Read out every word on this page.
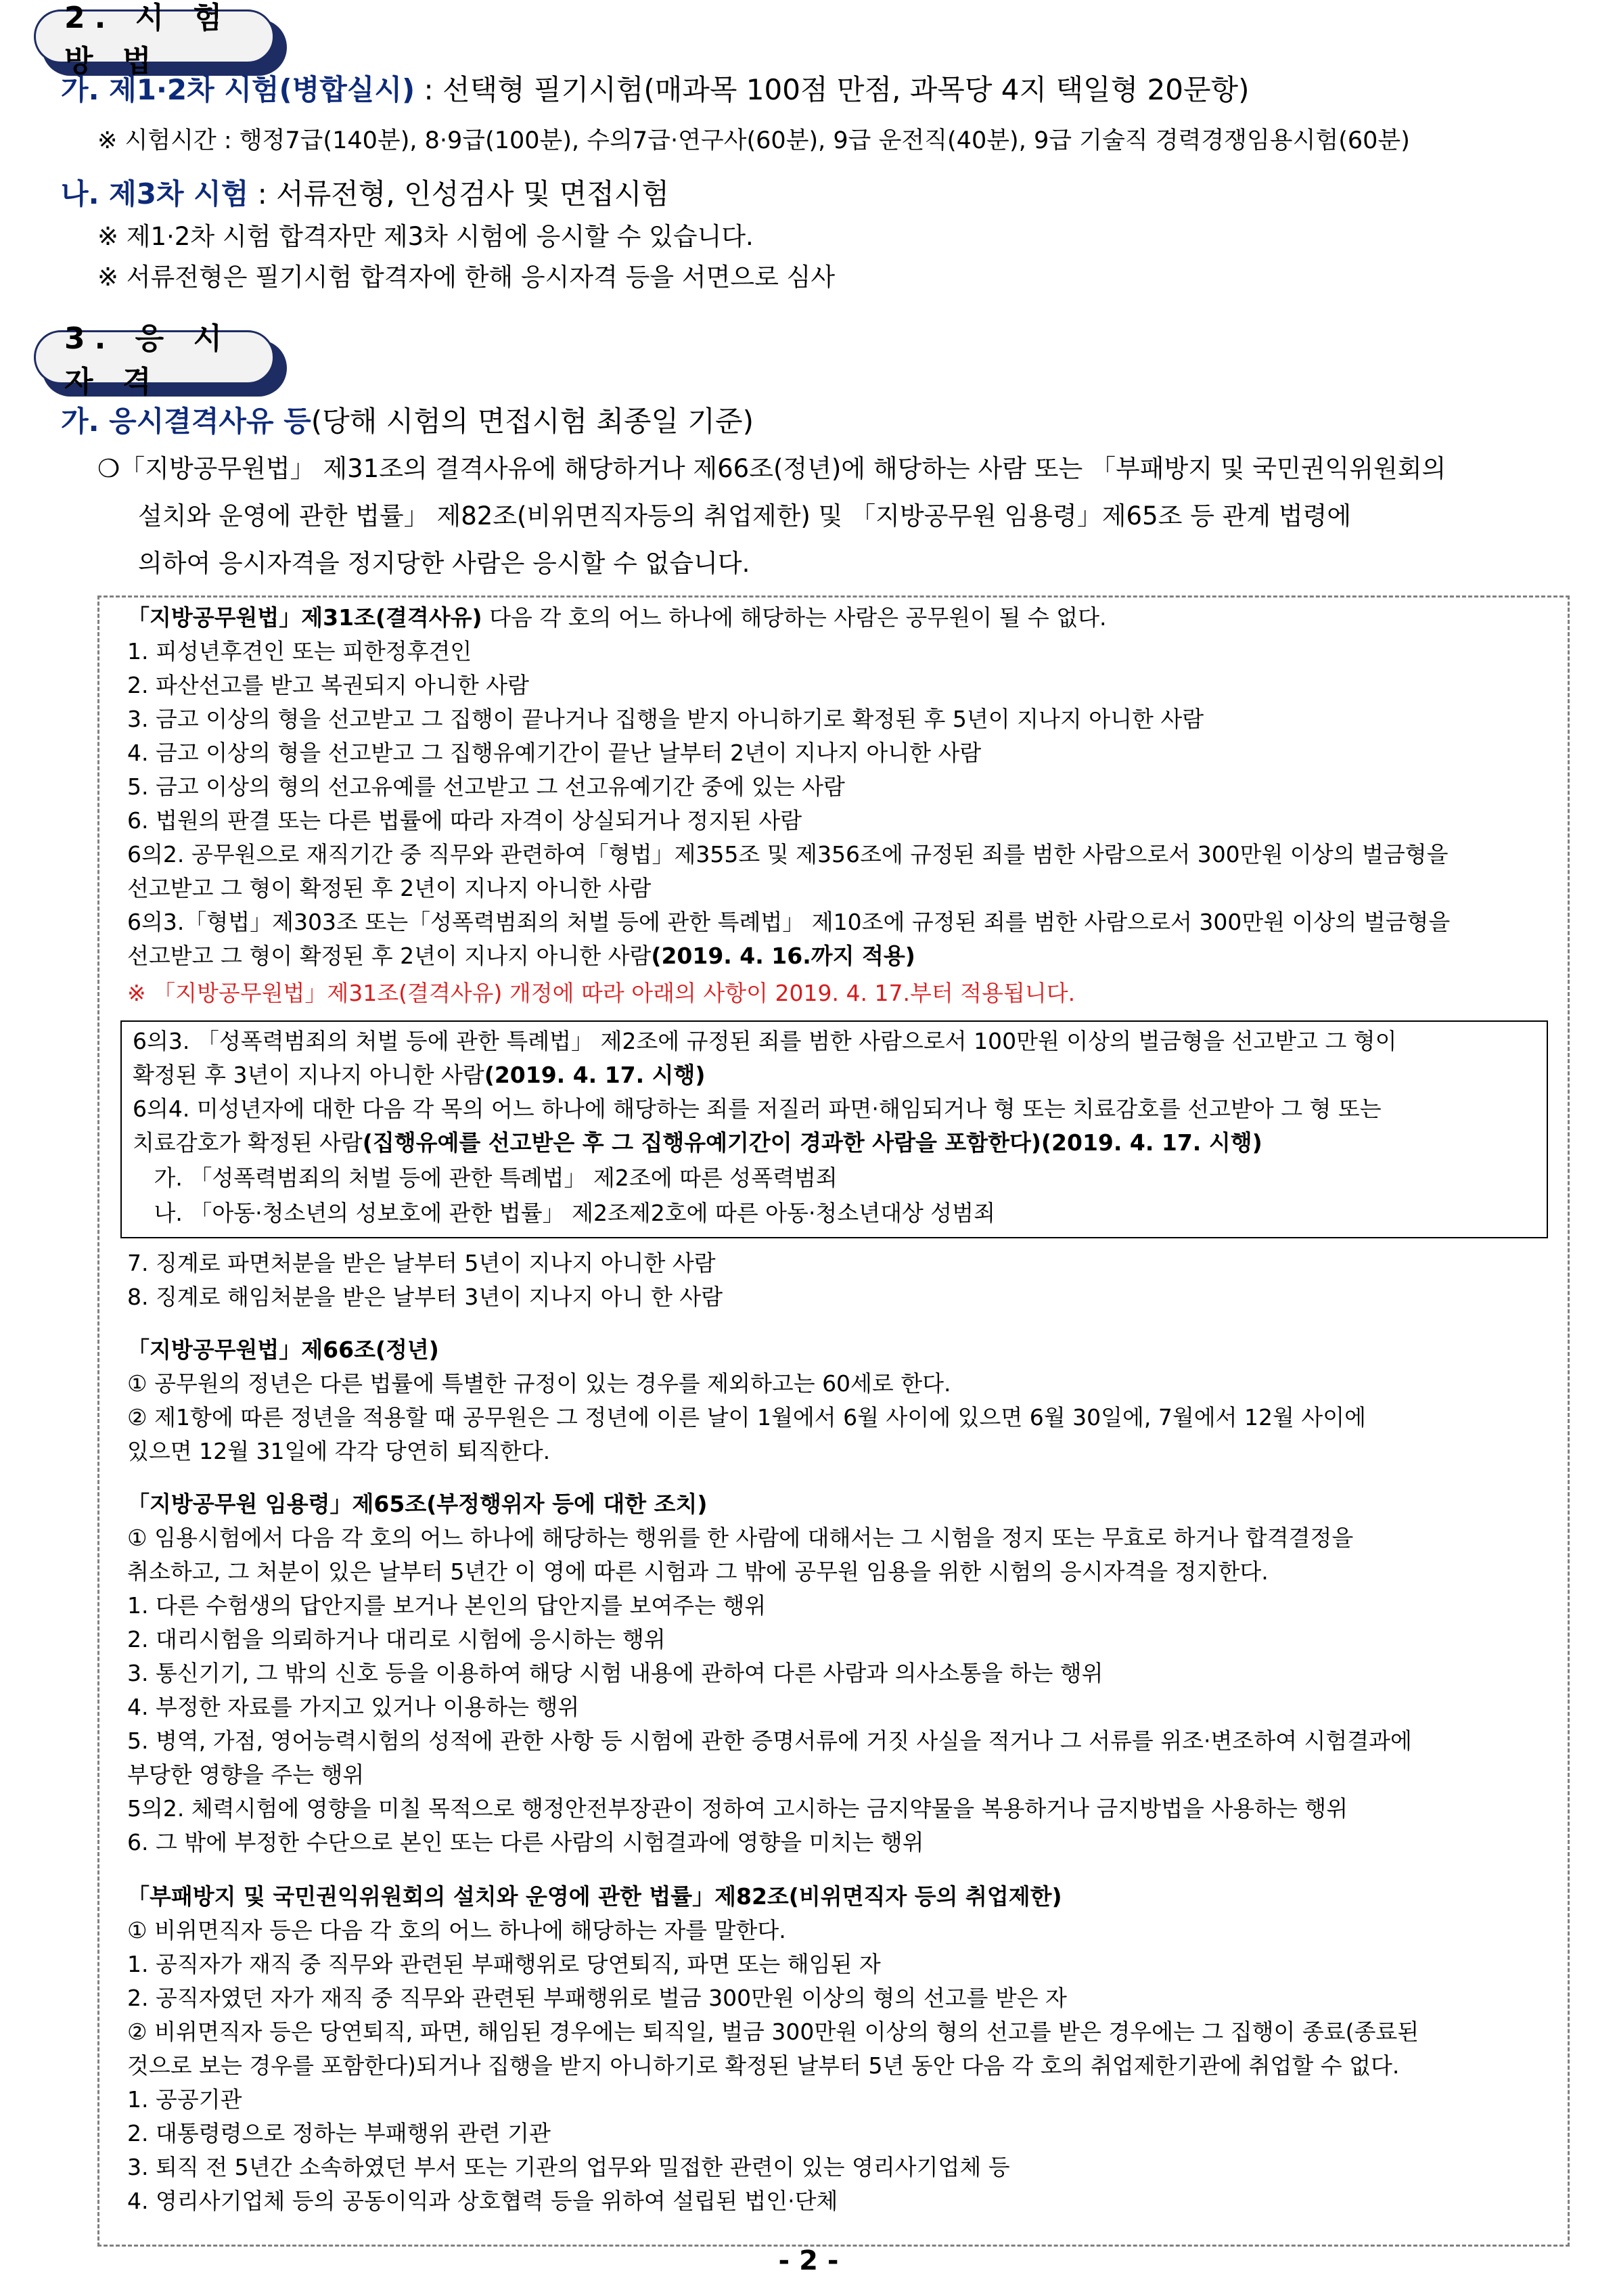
2. 시 험 방 법
가. 제1·2차 시험(병합실시) : 선택형 필기시험(매과목 100점 만점, 과목당 4지 택일형 20문항)
※ 시험시간 : 행정7급(140분), 8·9급(100분), 수의7급·연구사(60분), 9급 운전직(40분), 9급 기술직 경력경쟁임용시험(60분)
나. 제3차 시험 : 서류전형, 인성검사 및 면접시험
※ 제1·2차 시험 합격자만 제3차 시험에 응시할 수 있습니다.
※ 서류전형은 필기시험 합격자에 한해 응시자격 등을 서면으로 심사
3. 응 시 자 격
가. 응시결격사유 등(당해 시험의 면접시험 최종일 기준)
❍「지방공무원법」 제31조의 결격사유에 해당하거나 제66조(정년)에 해당하는 사람 또는 「부패방지 및 국민권익위원회의
설치와 운영에 관한 법률」 제82조(비위면직자등의 취업제한) 및 「지방공무원 임용령」제65조 등 관계 법령에
의하여 응시자격을 정지당한 사람은 응시할 수 없습니다.
「지방공무원법」제31조(결격사유) 다음 각 호의 어느 하나에 해당하는 사람은 공무원이 될 수 없다.
1. 피성년후견인 또는 피한정후견인
2. 파산선고를 받고 복권되지 아니한 사람
3. 금고 이상의 형을 선고받고 그 집행이 끝나거나 집행을 받지 아니하기로 확정된 후 5년이 지나지 아니한 사람
4. 금고 이상의 형을 선고받고 그 집행유예기간이 끝난 날부터 2년이 지나지 아니한 사람
5. 금고 이상의 형의 선고유예를 선고받고 그 선고유예기간 중에 있는 사람
6. 법원의 판결 또는 다른 법률에 따라 자격이 상실되거나 정지된 사람
6의2. 공무원으로 재직기간 중 직무와 관련하여「형법」제355조 및 제356조에 규정된 죄를 범한 사람으로서 300만원 이상의 벌금형을
선고받고 그 형이 확정된 후 2년이 지나지 아니한 사람
6의3.「형법」제303조 또는「성폭력범죄의 처벌 등에 관한 특례법」 제10조에 규정된 죄를 범한 사람으로서 300만원 이상의 벌금형을
선고받고 그 형이 확정된 후 2년이 지나지 아니한 사람(2019. 4. 16.까지 적용)
※ 「지방공무원법」제31조(결격사유) 개정에 따라 아래의 사항이 2019. 4. 17.부터 적용됩니다.
6의3. 「성폭력범죄의 처벌 등에 관한 특례법」 제2조에 규정된 죄를 범한 사람으로서 100만원 이상의 벌금형을 선고받고 그 형이
확정된 후 3년이 지나지 아니한 사람(2019. 4. 17. 시행)
6의4. 미성년자에 대한 다음 각 목의 어느 하나에 해당하는 죄를 저질러 파면·해임되거나 형 또는 치료감호를 선고받아 그 형 또는
치료감호가 확정된 사람(집행유예를 선고받은 후 그 집행유예기간이 경과한 사람을 포함한다)(2019. 4. 17. 시행)
가. 「성폭력범죄의 처벌 등에 관한 특례법」 제2조에 따른 성폭력범죄
나. 「아동·청소년의 성보호에 관한 법률」 제2조제2호에 따른 아동·청소년대상 성범죄
7. 징계로 파면처분을 받은 날부터 5년이 지나지 아니한 사람
8. 징계로 해임처분을 받은 날부터 3년이 지나지 아니 한 사람
「지방공무원법」제66조(정년)
① 공무원의 정년은 다른 법률에 특별한 규정이 있는 경우를 제외하고는 60세로 한다.
② 제1항에 따른 정년을 적용할 때 공무원은 그 정년에 이른 날이 1월에서 6월 사이에 있으면 6월 30일에, 7월에서 12월 사이에
있으면 12월 31일에 각각 당연히 퇴직한다.
「지방공무원 임용령」제65조(부정행위자 등에 대한 조치)
① 임용시험에서 다음 각 호의 어느 하나에 해당하는 행위를 한 사람에 대해서는 그 시험을 정지 또는 무효로 하거나 합격결정을
취소하고, 그 처분이 있은 날부터 5년간 이 영에 따른 시험과 그 밖에 공무원 임용을 위한 시험의 응시자격을 정지한다.
1. 다른 수험생의 답안지를 보거나 본인의 답안지를 보여주는 행위
2. 대리시험을 의뢰하거나 대리로 시험에 응시하는 행위
3. 통신기기, 그 밖의 신호 등을 이용하여 해당 시험 내용에 관하여 다른 사람과 의사소통을 하는 행위
4. 부정한 자료를 가지고 있거나 이용하는 행위
5. 병역, 가점, 영어능력시험의 성적에 관한 사항 등 시험에 관한 증명서류에 거짓 사실을 적거나 그 서류를 위조·변조하여 시험결과에
부당한 영향을 주는 행위
5의2. 체력시험에 영향을 미칠 목적으로 행정안전부장관이 정하여 고시하는 금지약물을 복용하거나 금지방법을 사용하는 행위
6. 그 밖에 부정한 수단으로 본인 또는 다른 사람의 시험결과에 영향을 미치는 행위
「부패방지 및 국민권익위원회의 설치와 운영에 관한 법률」제82조(비위면직자 등의 취업제한)
① 비위면직자 등은 다음 각 호의 어느 하나에 해당하는 자를 말한다.
1. 공직자가 재직 중 직무와 관련된 부패행위로 당연퇴직, 파면 또는 해임된 자
2. 공직자였던 자가 재직 중 직무와 관련된 부패행위로 벌금 300만원 이상의 형의 선고를 받은 자
② 비위면직자 등은 당연퇴직, 파면, 해임된 경우에는 퇴직일, 벌금 300만원 이상의 형의 선고를 받은 경우에는 그 집행이 종료(종료된
것으로 보는 경우를 포함한다)되거나 집행을 받지 아니하기로 확정된 날부터 5년 동안 다음 각 호의 취업제한기관에 취업할 수 없다.
1. 공공기관
2. 대통령령으로 정하는 부패행위 관련 기관
3. 퇴직 전 5년간 소속하였던 부서 또는 기관의 업무와 밀접한 관련이 있는 영리사기업체 등
4. 영리사기업체 등의 공동이익과 상호협력 등을 위하여 설립된 법인·단체
- 2 -
